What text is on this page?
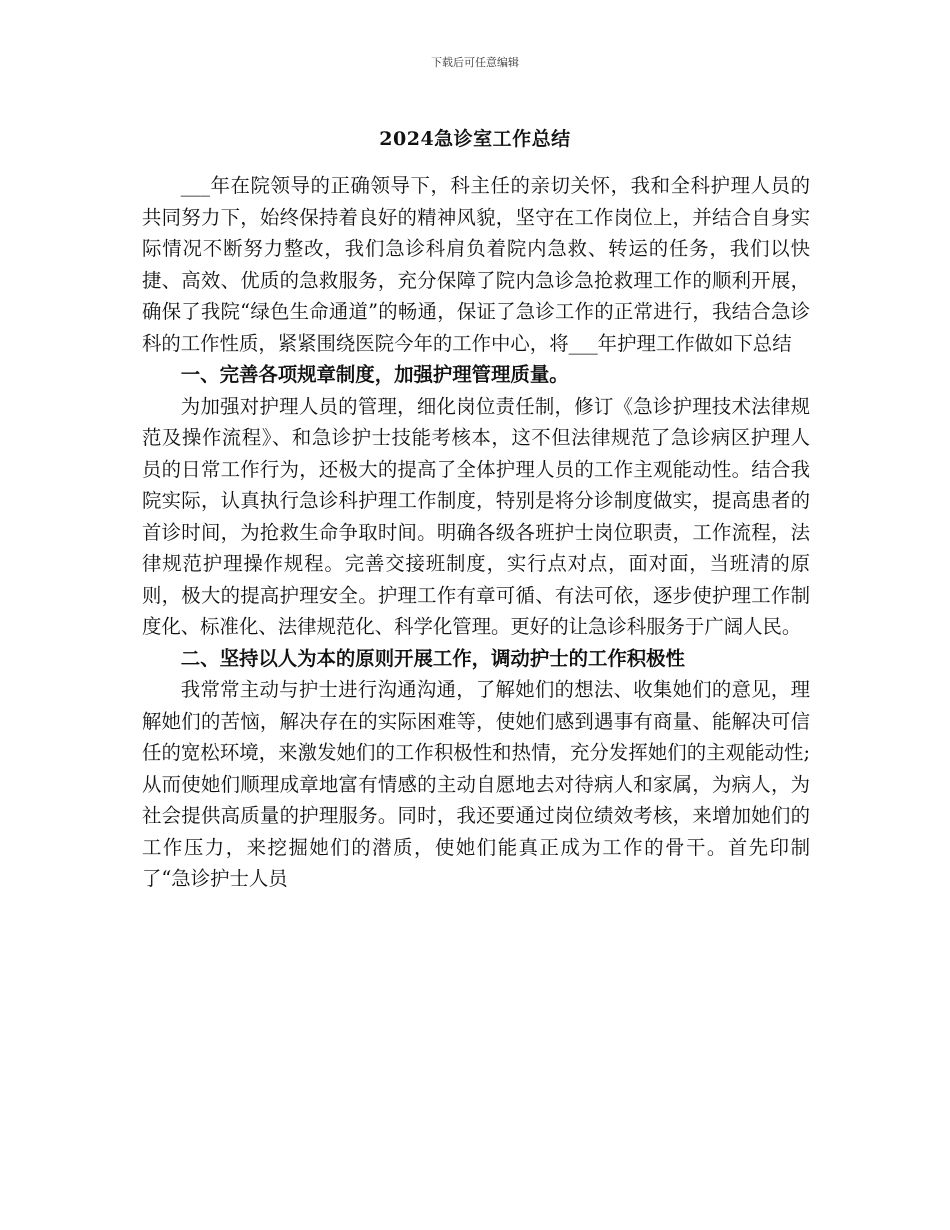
下载后可任意编辑
2024急诊室工作总结

___年在院领导的正确领导下，科主任的亲切关怀，我和全科护理人员的共同努力下，始终保持着良好的精神风貌，坚守在工作岗位上，并结合自身实际情况不断努力整改，我们急诊科肩负着院内急救、转运的任务，我们以快捷、高效、优质的急救服务，充分保障了院内急诊急抢救理工作的顺利开展，确保了我院“绿色生命通道”的畅通，保证了急诊工作的正常进行，我结合急诊科的工作性质，紧紧围绕医院今年的工作中心，将___年护理工作做如下总结

一、完善各项规章制度，加强护理管理质量。

为加强对护理人员的管理，细化岗位责任制，修订《急诊护理技术法律规范及操作流程》、和急诊护士技能考核本，这不但法律规范了急诊病区护理人员的日常工作行为，还极大的提高了全体护理人员的工作主观能动性。结合我院实际，认真执行急诊科护理工作制度，特别是将分诊制度做实，提高患者的首诊时间，为抢救生命争取时间。明确各级各班护士岗位职责，工作流程，法律规范护理操作规程。完善交接班制度，实行点对点，面对面，当班清的原则，极大的提高护理安全。护理工作有章可循、有法可依，逐步使护理工作制度化、标准化、法律规范化、科学化管理。更好的让急诊科服务于广阔人民。

二、坚持以人为本的原则开展工作，调动护士的工作积极性

我常常主动与护士进行沟通沟通，了解她们的想法、收集她们的意见，理解她们的苦恼，解决存在的实际困难等，使她们感到遇事有商量、能解决可信任的宽松环境，来激发她们的工作积极性和热情，充分发挥她们的主观能动性;从而使她们顺理成章地富有情感的主动自愿地去对待病人和家属，为病人，为社会提供高质量的护理服务。同时，我还要通过岗位绩效考核，来增加她们的工作压力，来挖掘她们的潜质，使她们能真正成为工作的骨干。首先印制了“急诊护士人员
